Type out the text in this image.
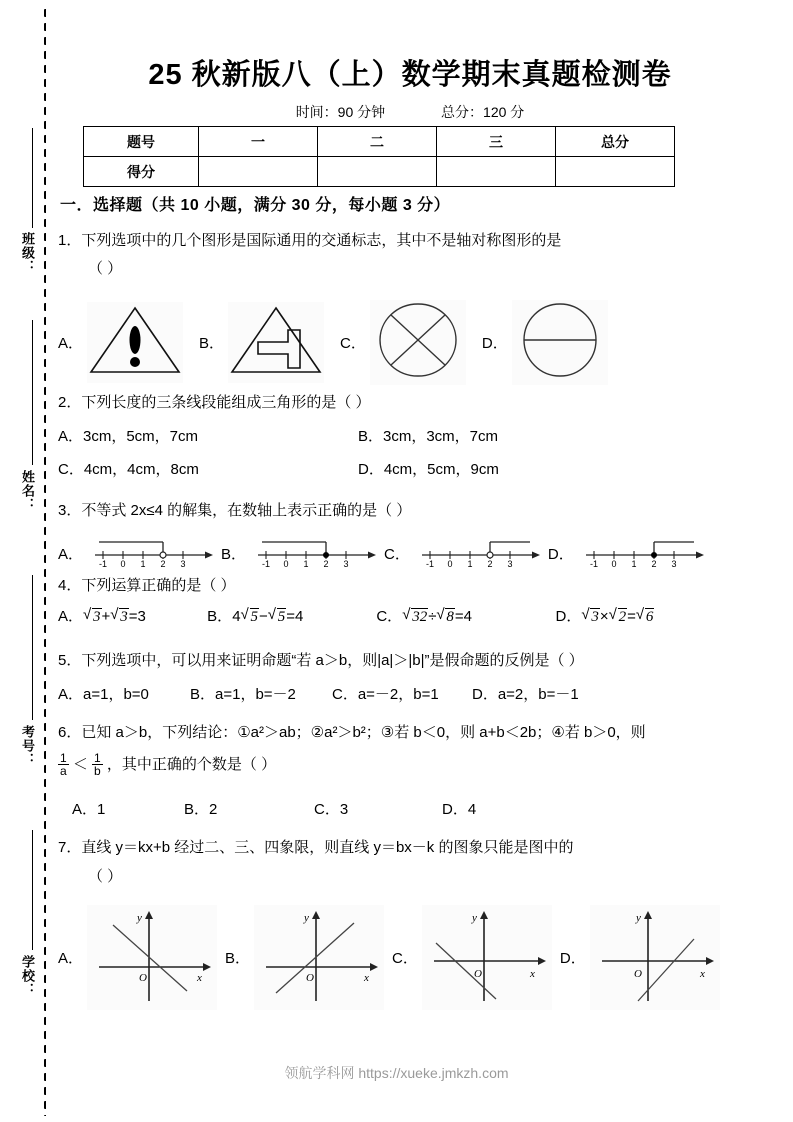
班级：
姓名：
考号：
学校：
25 秋新版八（上）数学期末真题检测卷
时间：90 分钟	总分：120 分
题号	一	二	三	总分
得分				
一．选择题（共 10 小题，满分 30 分，每小题 3 分）
1．下列选项中的几个图形是国际通用的交通标志，其中不是轴对称图形的是
（ ）
A．	B．	C．	D．
2．下列长度的三条线段能组成三角形的是（ ）
A．3cm，5cm，7cm	B．3cm，3cm，7cm
C．4cm，4cm，8cm	D．4cm，5cm，9cm
3．不等式 2x≤4 的解集，在数轴上表示正确的是（ ）
A．
-1 0 1 2 3
B．
-1 0 1 2 3
C．
-1 0 1 2 3
D．
-1 0 1 2 3
4．下列运算正确的是（ ）
A． √ 3+ √ 3=3	B．4 √ 5− √ 5=4	C． √ 32÷ √ 8=4	D． √ 3× √ 2= √ 6
5．下列选项中，可以用来证明命题“若 a＞b，则|a|＞|b|”是假命题的反例是（ ）
A．a=1，b=0	B．a=1，b=－2 C．a=－2，b=1 D．a=2，b=－1
6．已知 a＞b，下列结论：①a²＞ab；②a²＞b²；③若 b＜0，则 a+b＜2b；④若 b＞0，则
$\frac{1}{a} < \frac{1}{b}$ ，其中正确的个数是（ ）
A．1	B．2	C．3	D．4
7．直线 y＝kx+b 经过二、三、四象限，则直线 y＝bx－k 的图象只能是图中的
（ ）
A．
O	x
y
B．
O	x
y
C．
O	x
y
D．
O	x
y
领航学科网 https://xueke.jmkzh.com
